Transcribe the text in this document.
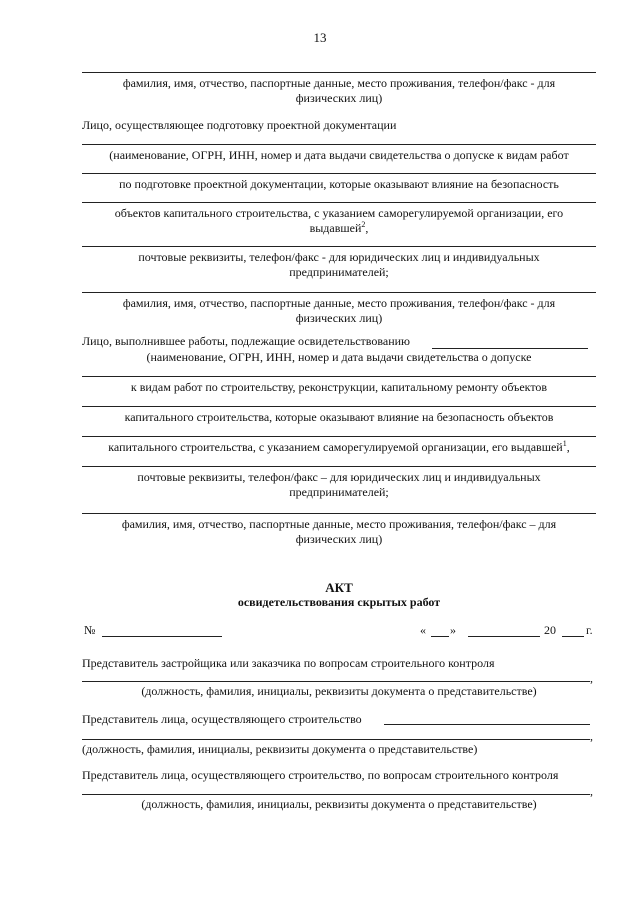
13

фамилия, имя, отчество, паспортные данные, место проживания, телефон/факс - для

физических лиц)

Лицо, осуществляющее подготовку проектной документации

(наименование, ОГРН, ИНН, номер и дата выдачи свидетельства о допуске к видам работ

по подготовке проектной документации, которые оказывают влияние на безопасность

объектов капитального строительства, с указанием саморегулируемой организации, его

выдавшей$^2$,

почтовые реквизиты, телефон/факс - для юридических лиц и индивидуальных

предпринимателей;

фамилия, имя, отчество, паспортные данные, место проживания, телефон/факс - для

физических лиц)

Лицо, выполнившее работы, подлежащие освидетельствованию

(наименование, ОГРН, ИНН, номер и дата выдачи свидетельства о допуске

к видам работ по строительству, реконструкции, капитальному ремонту объектов

капитального строительства, которые оказывают влияние на безопасность объектов

капитального строительства, с указанием саморегулируемой организации, его выдавшей$^1$,

почтовые реквизиты, телефон/факс – для юридических лиц и индивидуальных

предпринимателей;

фамилия, имя, отчество, паспортные данные, место проживания, телефон/факс – для

физических лиц)

АКТ

освидетельствования скрытых работ

№	« »	20	г.

Представитель застройщика или заказчика по вопросам строительного контроля

,

(должность, фамилия, инициалы, реквизиты документа о представительстве)

Представитель лица, осуществляющего строительство

,

(должность, фамилия, инициалы, реквизиты документа о представительстве)

Представитель лица, осуществляющего строительство, по вопросам строительного контроля

,

(должность, фамилия, инициалы, реквизиты документа о представительстве)
